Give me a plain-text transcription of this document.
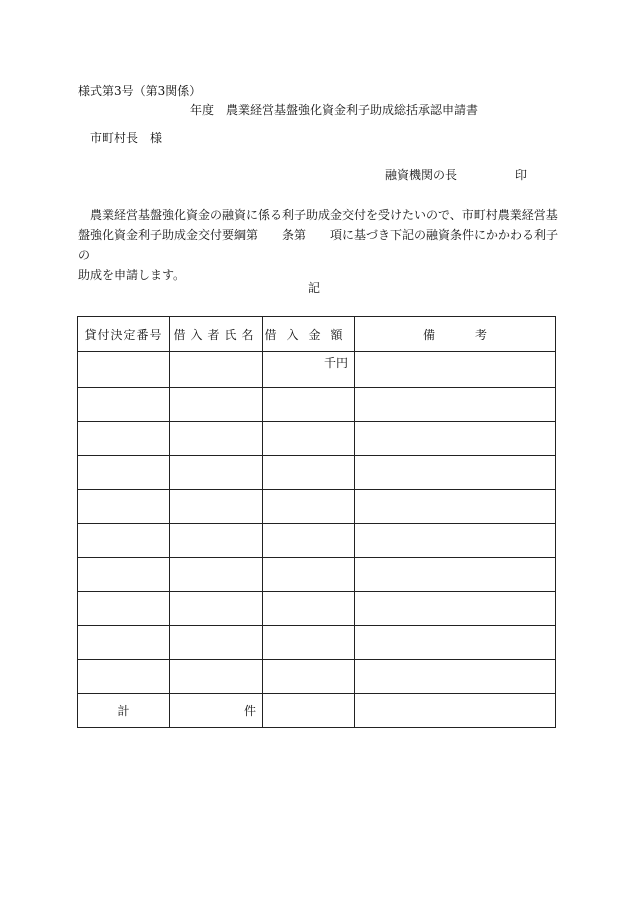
様式第3号（第3関係）
年度　農業経営基盤強化資金利子助成総括承認申請書
市町村長　様
融資機関の長	印
農業経営基盤強化資金の融資に係る利子助成金交付を受けたいので、市町村農業経営基
盤強化資金利子助成金交付要綱第　　条第　　項に基づき下記の融資条件にかかわる利子の
助成を申請します。
記
貸付決定番号	借入者氏名	借入金額	備考
		千円	

計	件		
